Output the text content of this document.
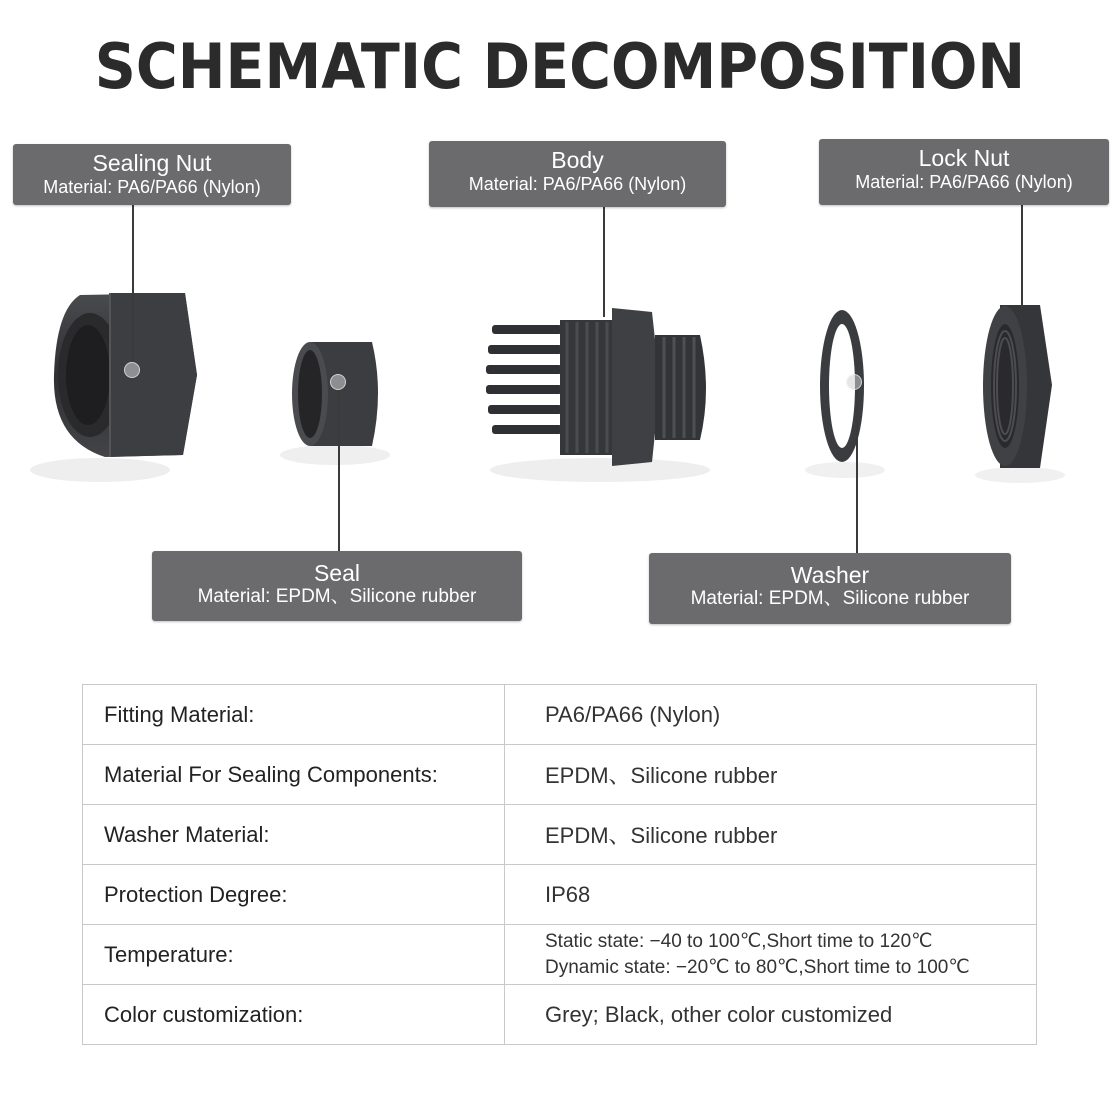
SCHEMATIC DECOMPOSITION
Sealing Nut
Material: PA6/PA66 (Nylon)
Body
Material: PA6/PA66 (Nylon)
Lock Nut
Material: PA6/PA66 (Nylon)
Seal
Material: EPDM、Silicone rubber
Washer
Material: EPDM、Silicone rubber
Fitting Material:	PA6/PA66 (Nylon)
Material For Sealing Components:	EPDM、Silicone rubber
Washer Material:	EPDM、Silicone rubber
Protection Degree:	IP68
Temperature:	Static state: −40 to 100℃,Short time to 120℃
Dynamic state: −20℃ to 80℃,Short time to 100℃

Color customization:	Grey; Black, other color customized
